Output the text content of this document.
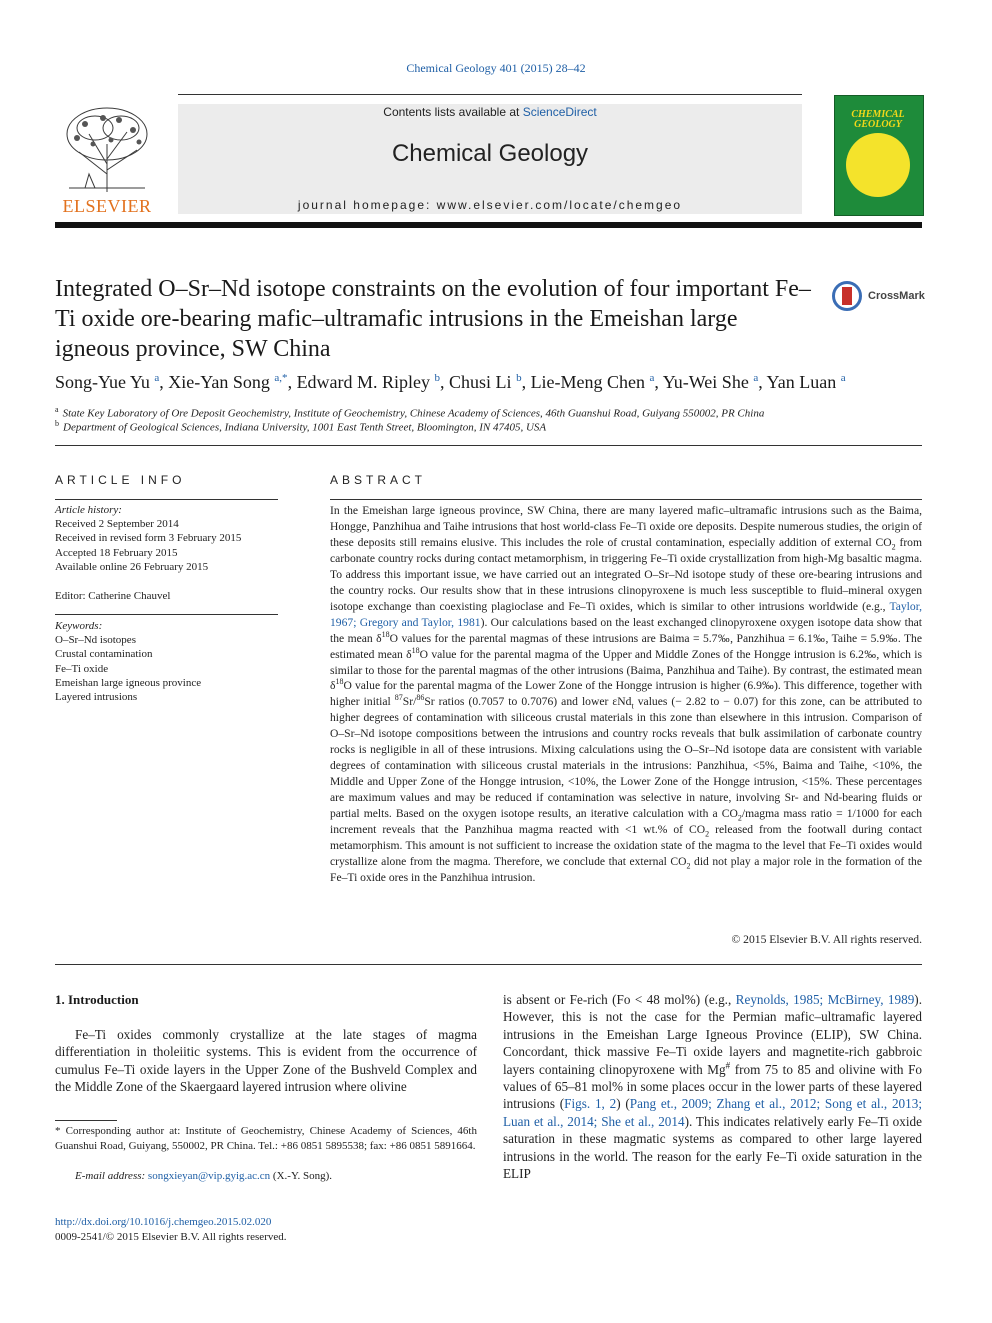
Chemical Geology 401 (2015) 28–42
ELSEVIER
Contents lists available at ScienceDirect
Chemical Geology
journal homepage: www.elsevier.com/locate/chemgeo
CHEMICAL GEOLOGY
Integrated O–Sr–Nd isotope constraints on the evolution of four important Fe–Ti oxide ore-bearing mafic–ultramafic intrusions in the Emeishan large igneous province, SW China
CrossMark
Song-Yue Yu $^a$, Xie-Yan Song $^{a,*}$, Edward M. Ripley $^b$, Chusi Li $^b$, Lie-Meng Chen $^a$, Yu-Wei She $^a$, Yan Luan $^a$
$^a$ State Key Laboratory of Ore Deposit Geochemistry, Institute of Geochemistry, Chinese Academy of Sciences, 46th Guanshui Road, Guiyang 550002, PR China
$^b$ Department of Geological Sciences, Indiana University, 1001 East Tenth Street, Bloomington, IN 47405, USA
ARTICLE INFO
Article history:
Received 2 September 2014
Received in revised form 3 February 2015
Accepted 18 February 2015
Available online 26 February 2015
Editor: Catherine Chauvel
Keywords:
O–Sr–Nd isotopes
Crustal contamination
Fe–Ti oxide
Emeishan large igneous province
Layered intrusions
ABSTRACT
In the Emeishan large igneous province, SW China, there are many layered mafic–ultramafic intrusions such as the Baima, Hongge, Panzhihua and Taihe intrusions that host world-class Fe–Ti oxide ore deposits. Despite numerous studies, the origin of these deposits still remains elusive. This includes the role of crustal contamination, especially addition of external $CO_2$ from carbonate country rocks during contact metamorphism, in triggering Fe–Ti oxide crystallization from high-Mg basaltic magma. To address this important issue, we have carried out an integrated O–Sr–Nd isotope study of these ore-bearing intrusions and the country rocks. Our results show that in these intrusions clinopyroxene is much less susceptible to fluid–mineral oxygen isotope exchange than coexisting plagioclase and Fe–Ti oxides, which is similar to other intrusions worldwide (e.g., Taylor, 1967; Gregory and Taylor, 1981). Our calculations based on the least exchanged clinopyroxene oxygen isotope data show that the mean $\delta^{18}O$ values for the parental magmas of these intrusions are Baima = 5.7‰, Panzhihua = 6.1‰, Taihe = 5.9‰. The estimated mean $\delta^{18}O$ value for the parental magma of the Upper and Middle Zones of the Hongge intrusion is 6.2‰, which is similar to those for the parental magmas of the other intrusions (Baima, Panzhihua and Taihe). By contrast, the estimated mean $\delta^{18}O$ value for the parental magma of the Lower Zone of the Hongge intrusion is higher (6.9‰). This difference, together with higher initial $^{87}$Sr/$^{86}$Sr ratios (0.7057 to 0.7076) and lower εNd$_t$ values (− 2.82 to − 0.07) for this zone, can be attributed to higher degrees of contamination with siliceous crustal materials in this zone than elsewhere in this intrusion. Comparison of O–Sr–Nd isotope compositions between the intrusions and country rocks reveals that bulk assimilation of carbonate country rocks is negligible in all of these intrusions. Mixing calculations using the O–Sr–Nd isotope data are consistent with variable degrees of contamination with siliceous crustal materials in the intrusions: Panzhihua, <5%, Baima and Taihe, <10%, the Middle and Upper Zone of the Hongge intrusion, <10%, the Lower Zone of the Hongge intrusion, <15%. These percentages are maximum values and may be reduced if contamination was selective in nature, involving Sr- and Nd-bearing fluids or partial melts. Based on the oxygen isotope results, an iterative calculation with a $CO_2$/magma mass ratio = 1/1000 for each increment reveals that the Panzhihua magma reacted with <1 wt.% of $CO_2$ released from the footwall during contact metamorphism. This amount is not sufficient to increase the oxidation state of the magma to the level that Fe–Ti oxides would crystallize alone from the magma. Therefore, we conclude that external $CO_2$ did not play a major role in the formation of the Fe–Ti oxide ores in the Panzhihua intrusion.
© 2015 Elsevier B.V. All rights reserved.
1. Introduction
Fe–Ti oxides commonly crystallize at the late stages of magma differentiation in tholeiitic systems. This is evident from the occurrence of cumulus Fe–Ti oxide layers in the Upper Zone of the Bushveld Complex and the Middle Zone of the Skaergaard layered intrusion where olivine
is absent or Fe-rich (Fo < 48 mol%) (e.g., Reynolds, 1985; McBirney, 1989). However, this is not the case for the Permian mafic–ultramafic layered intrusions in the Emeishan Large Igneous Province (ELIP), SW China. Concordant, thick massive Fe–Ti oxide layers and magnetite-rich gabbroic layers containing clinopyroxene with Mg# from 75 to 85 and olivine with Fo values of 65–81 mol% in some places occur in the lower parts of these layered intrusions (Figs. 1, 2) (Pang et., 2009; Zhang et al., 2012; Song et al., 2013; Luan et al., 2014; She et al., 2014). This indicates relatively early Fe–Ti oxide saturation in these magmatic systems as compared to other large layered intrusions in the world. The reason for the early Fe–Ti oxide saturation in the ELIP
* Corresponding author at: Institute of Geochemistry, Chinese Academy of Sciences, 46th Guanshui Road, Guiyang, 550002, PR China. Tel.: +86 0851 5895538; fax: +86 0851 5891664.
E-mail address: songxieyan@vip.gyig.ac.cn (X.-Y. Song).
http://dx.doi.org/10.1016/j.chemgeo.2015.02.020
0009-2541/© 2015 Elsevier B.V. All rights reserved.
